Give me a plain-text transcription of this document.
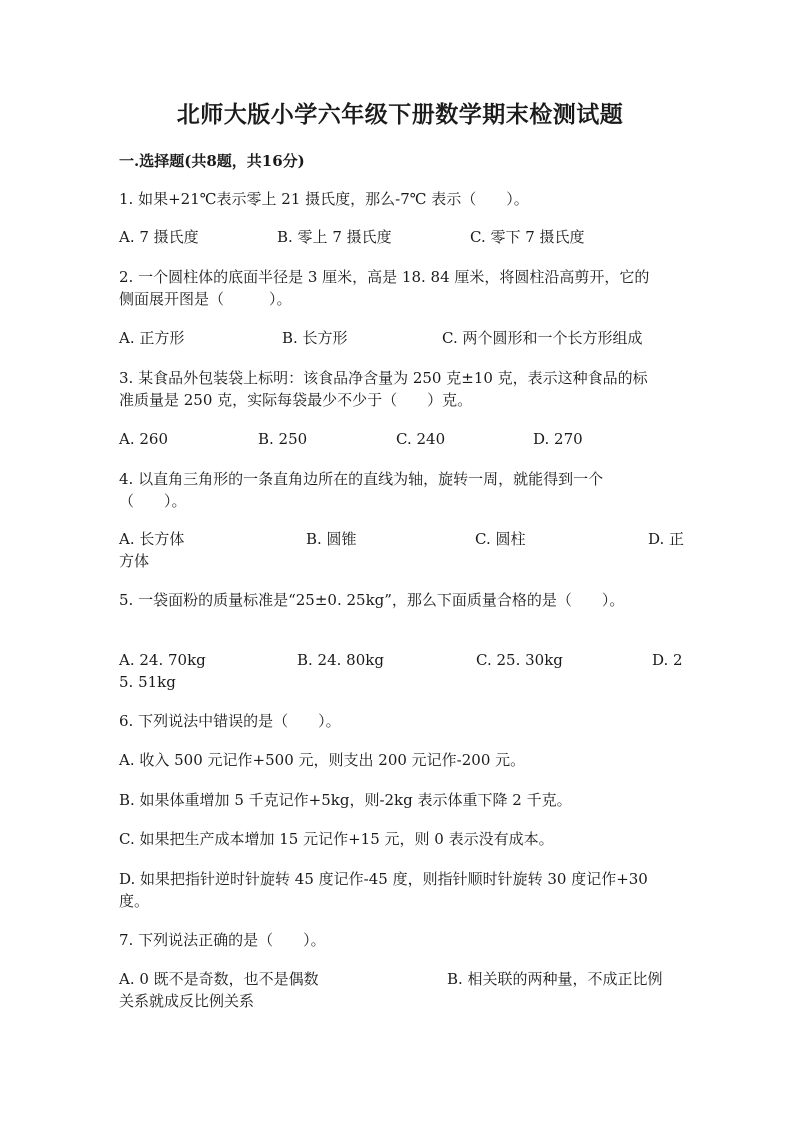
北师大版小学六年级下册数学期末检测试题
一.选择题(共8题，共16分)
1. 如果+21℃表示零上 21 摄氏度，那么-7℃ 表示（　　）。
A. 7 摄氏度	B. 零上 7 摄氏度	C. 零下 7 摄氏度
2. 一个圆柱体的底面半径是 3 厘米，高是 18. 84 厘米，将圆柱沿高剪开，它的
侧面展开图是（　　　）。
A. 正方形	B. 长方形	C. 两个圆形和一个长方形组成
3. 某食品外包装袋上标明：该食品净含量为 250 克±10 克，表示这种食品的标
准质量是 250 克，实际每袋最少不少于（　　）克。
A. 260	B. 250	C. 240	D. 270
4. 以直角三角形的一条直角边所在的直线为轴，旋转一周，就能得到一个
（　　）。
A. 长方体	B. 圆锥	C. 圆柱	D. 正
方体
5. 一袋面粉的质量标准是“25±0. 25kg”，那么下面质量合格的是（　　）。
A. 24. 70kg	B. 24. 80kg	C. 25. 30kg	D. 2
5. 51kg
6. 下列说法中错误的是（　　）。
A. 收入 500 元记作+500 元，则支出 200 元记作-200 元。
B. 如果体重增加 5 千克记作+5kg，则-2kg 表示体重下降 2 千克。
C. 如果把生产成本增加 15 元记作+15 元，则 0 表示没有成本。
D. 如果把指针逆时针旋转 45 度记作-45 度，则指针顺时针旋转 30 度记作+30
度。
7. 下列说法正确的是（　　）。
A. 0 既不是奇数，也不是偶数	B. 相关联的两种量，不成正比例
关系就成反比例关系
